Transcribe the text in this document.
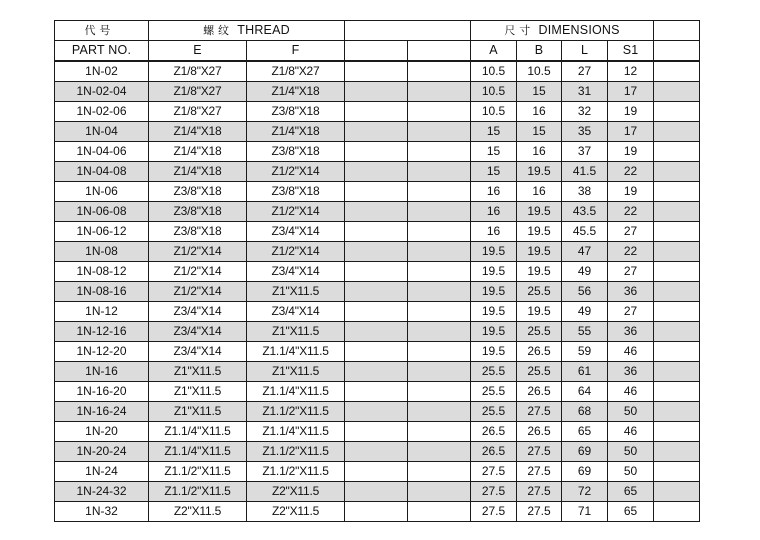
代 号	螺 纹 THREAD				尺 寸 DIMENSIONS				
PART NO.	E	F			A	B	L	S1	
1N-02	Z1/8"X27	Z1/8"X27			10.5	10.5	27	12	
1N-02-04	Z1/8"X27	Z1/4"X18			10.5	15	31	17	
1N-02-06	Z1/8"X27	Z3/8"X18			10.5	16	32	19	
1N-04	Z1/4"X18	Z1/4"X18			15	15	35	17	
1N-04-06	Z1/4"X18	Z3/8"X18			15	16	37	19	
1N-04-08	Z1/4"X18	Z1/2"X14			15	19.5	41.5	22	
1N-06	Z3/8"X18	Z3/8"X18			16	16	38	19	
1N-06-08	Z3/8"X18	Z1/2"X14			16	19.5	43.5	22	
1N-06-12	Z3/8"X18	Z3/4"X14			16	19.5	45.5	27	
1N-08	Z1/2"X14	Z1/2"X14			19.5	19.5	47	22	
1N-08-12	Z1/2"X14	Z3/4"X14			19.5	19.5	49	27	
1N-08-16	Z1/2"X14	Z1"X11.5			19.5	25.5	56	36	
1N-12	Z3/4"X14	Z3/4"X14			19.5	19.5	49	27	
1N-12-16	Z3/4"X14	Z1"X11.5			19.5	25.5	55	36	
1N-12-20	Z3/4"X14	Z1.1/4"X11.5			19.5	26.5	59	46	
1N-16	Z1"X11.5	Z1"X11.5			25.5	25.5	61	36	
1N-16-20	Z1"X11.5	Z1.1/4"X11.5			25.5	26.5	64	46	
1N-16-24	Z1"X11.5	Z1.1/2"X11.5			25.5	27.5	68	50	
1N-20	Z1.1/4"X11.5	Z1.1/4"X11.5			26.5	26.5	65	46	
1N-20-24	Z1.1/4"X11.5	Z1.1/2"X11.5			26.5	27.5	69	50	
1N-24	Z1.1/2"X11.5	Z1.1/2"X11.5			27.5	27.5	69	50	
1N-24-32	Z1.1/2"X11.5	Z2"X11.5			27.5	27.5	72	65	
1N-32	Z2"X11.5	Z2"X11.5			27.5	27.5	71	65	
